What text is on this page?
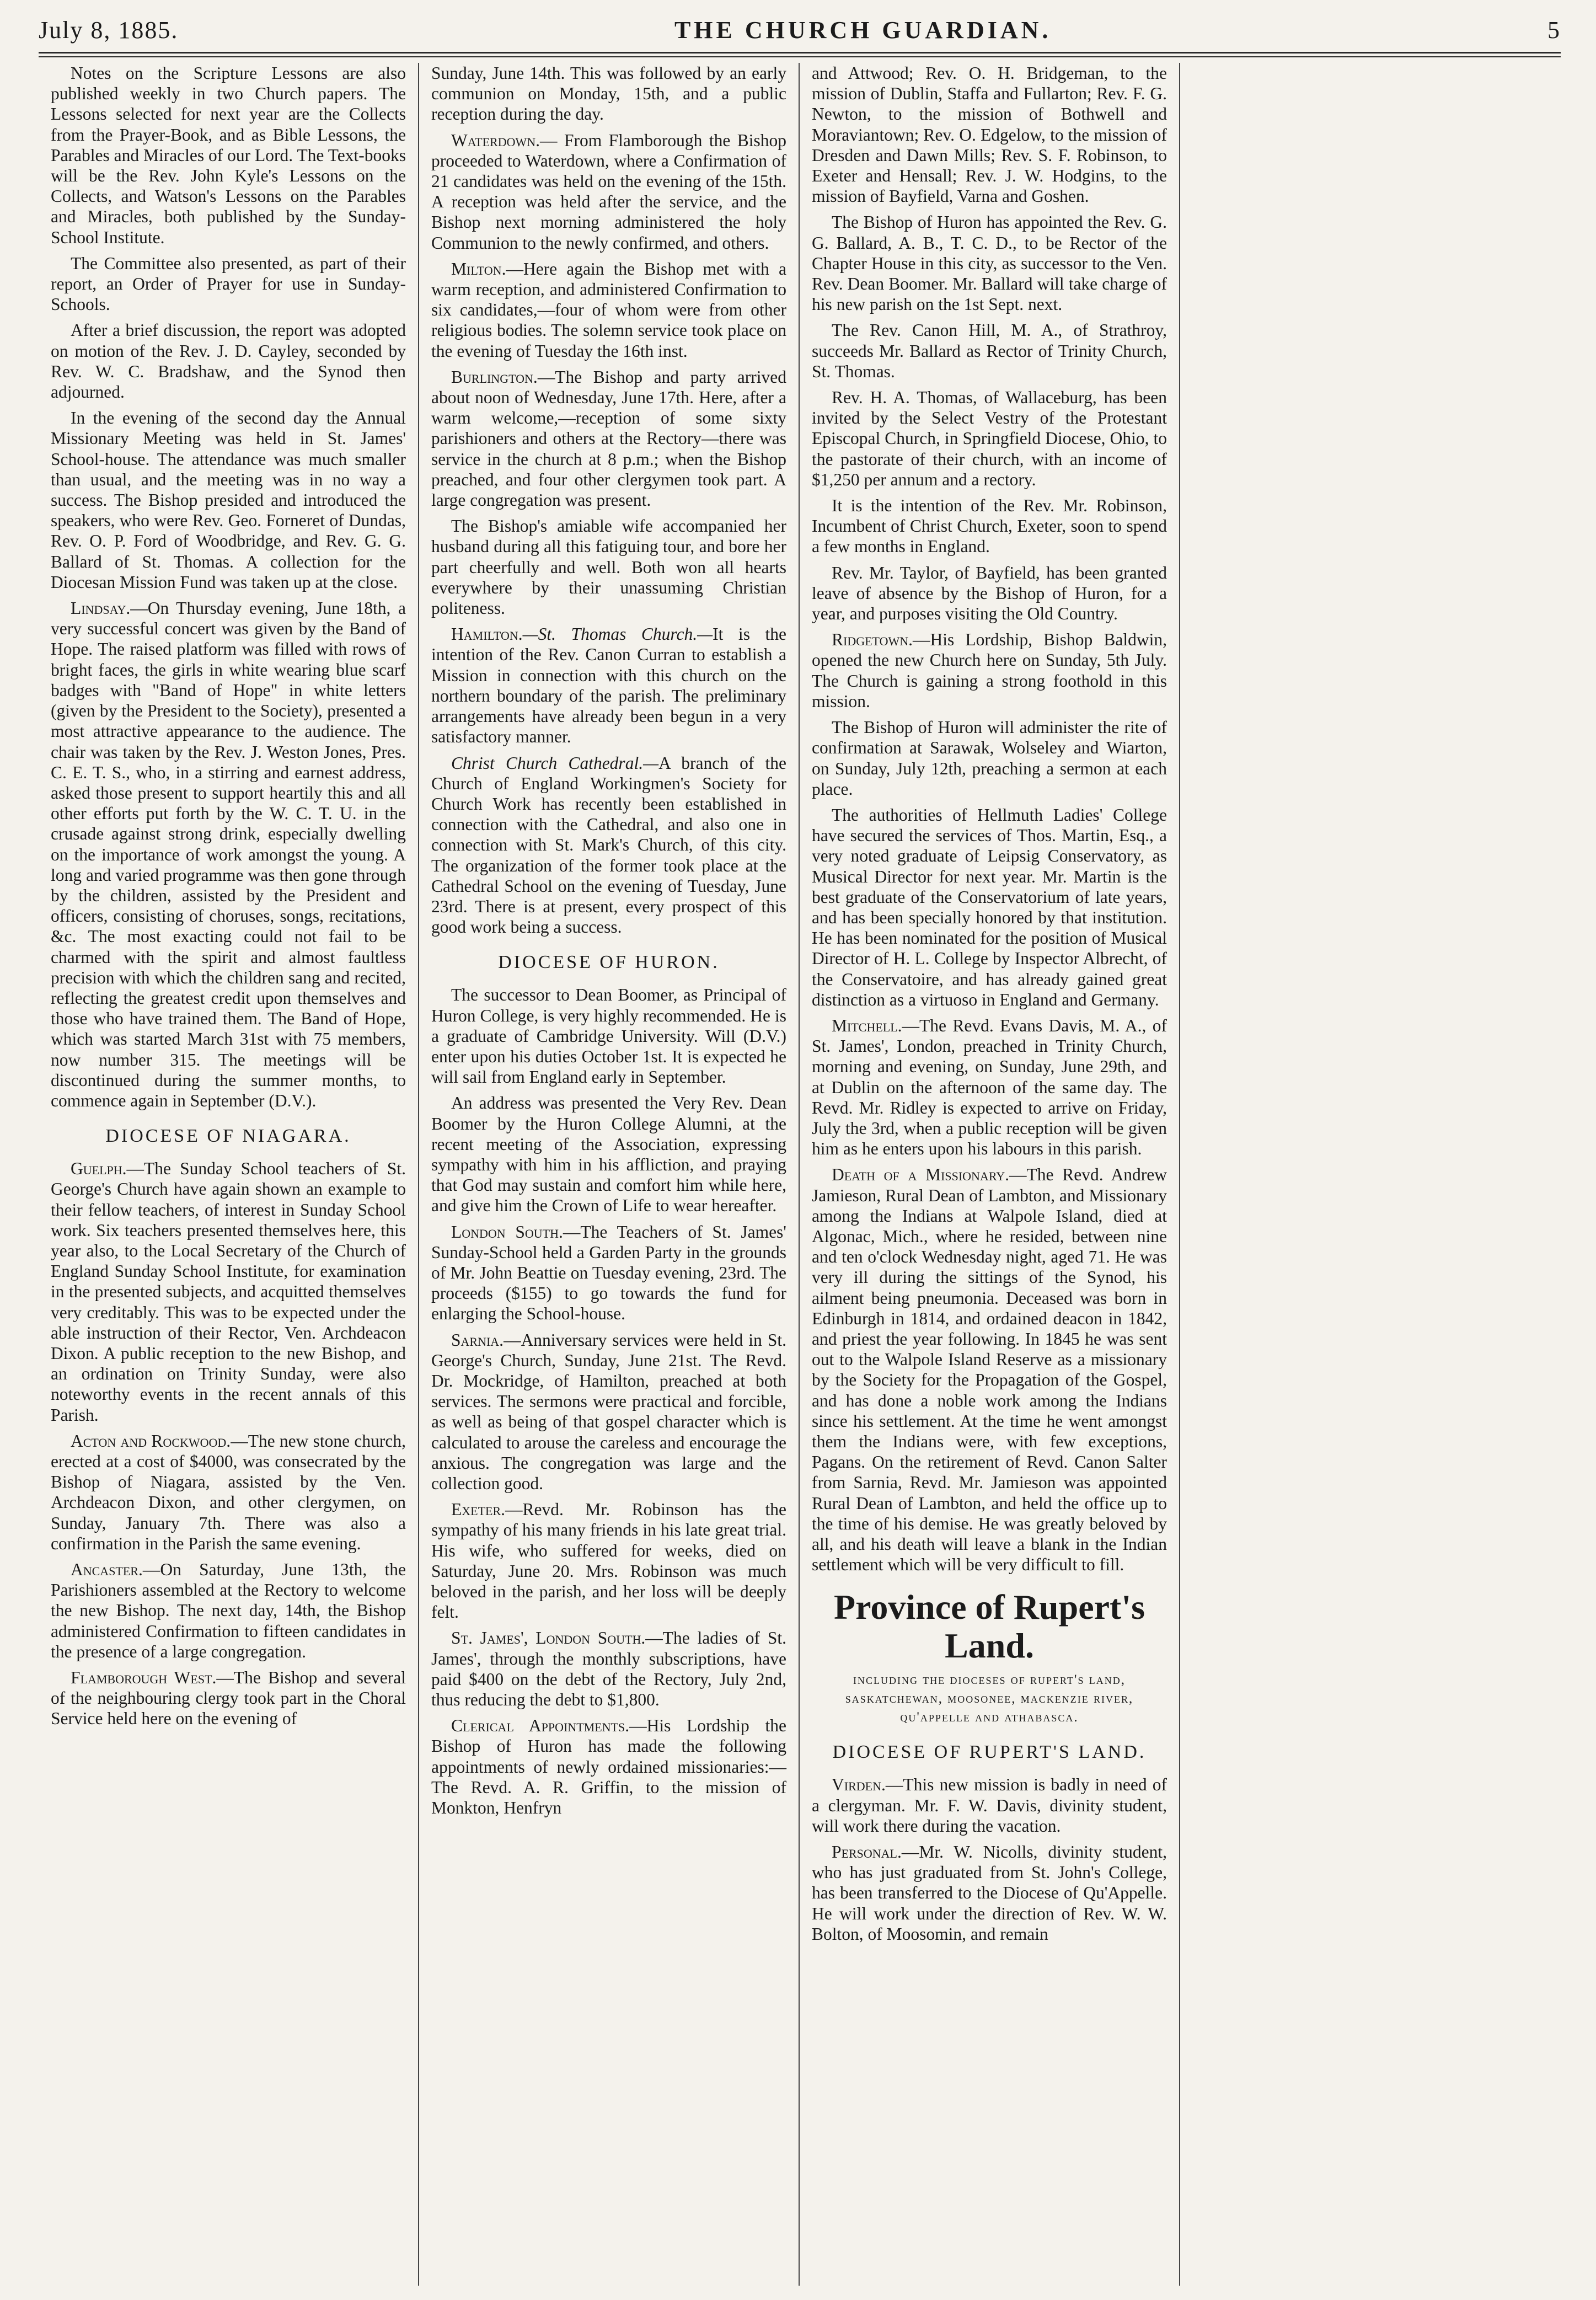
July 8, 1885.	THE CHURCH GUARDIAN.	5

Notes on the Scripture Lessons are also published weekly in two Church papers. The Lessons selected for next year are the Collects from the Prayer-Book, and as Bible Lessons, the Parables and Miracles of our Lord. The Text-books will be the Rev. John Kyle's Lessons on the Collects, and Watson's Lessons on the Parables and Miracles, both published by the Sunday-School Institute.

The Committee also presented, as part of their report, an Order of Prayer for use in Sunday-Schools.

After a brief discussion, the report was adopted on motion of the Rev. J. D. Cayley, seconded by Rev. W. C. Bradshaw, and the Synod then adjourned.

In the evening of the second day the Annual Missionary Meeting was held in St. James' School-house. The attendance was much smaller than usual, and the meeting was in no way a success. The Bishop presided and introduced the speakers, who were Rev. Geo. Forneret of Dundas, Rev. O. P. Ford of Woodbridge, and Rev. G. G. Ballard of St. Thomas. A collection for the Diocesan Mission Fund was taken up at the close.

Lindsay.—On Thursday evening, June 18th, a very successful concert was given by the Band of Hope. The raised platform was filled with rows of bright faces, the girls in white wearing blue scarf badges with "Band of Hope" in white letters (given by the President to the Society), presented a most attractive appearance to the audience. The chair was taken by the Rev. J. Weston Jones, Pres. C. E. T. S., who, in a stirring and earnest address, asked those present to support heartily this and all other efforts put forth by the W. C. T. U. in the crusade against strong drink, especially dwelling on the importance of work amongst the young. A long and varied programme was then gone through by the children, assisted by the President and officers, consisting of choruses, songs, recitations, &c. The most exacting could not fail to be charmed with the spirit and almost faultless precision with which the children sang and recited, reflecting the greatest credit upon themselves and those who have trained them. The Band of Hope, which was started March 31st with 75 members, now number 315. The meetings will be discontinued during the summer months, to commence again in September (D.V.).

DIOCESE OF NIAGARA.

Guelph.—The Sunday School teachers of St. George's Church have again shown an example to their fellow teachers, of interest in Sunday School work. Six teachers presented themselves here, this year also, to the Local Secretary of the Church of England Sunday School Institute, for examination in the presented subjects, and acquitted themselves very creditably. This was to be expected under the able instruction of their Rector, Ven. Archdeacon Dixon. A public reception to the new Bishop, and an ordination on Trinity Sunday, were also noteworthy events in the recent annals of this Parish.

Acton and Rockwood.—The new stone church, erected at a cost of $4000, was consecrated by the Bishop of Niagara, assisted by the Ven. Archdeacon Dixon, and other clergymen, on Sunday, January 7th. There was also a confirmation in the Parish the same evening.

Ancaster.—On Saturday, June 13th, the Parishioners assembled at the Rectory to welcome the new Bishop. The next day, 14th, the Bishop administered Confirmation to fifteen candidates in the presence of a large congregation.

Flamborough West.—The Bishop and several of the neighbouring clergy took part in the Choral Service held here on the evening of

Sunday, June 14th. This was followed by an early communion on Monday, 15th, and a public reception during the day.

Waterdown.— From Flamborough the Bishop proceeded to Waterdown, where a Confirmation of 21 candidates was held on the evening of the 15th. A reception was held after the service, and the Bishop next morning administered the holy Communion to the newly confirmed, and others.

Milton.—Here again the Bishop met with a warm reception, and administered Confirmation to six candidates,—four of whom were from other religious bodies. The solemn service took place on the evening of Tuesday the 16th inst.

Burlington.—The Bishop and party arrived about noon of Wednesday, June 17th. Here, after a warm welcome,—reception of some sixty parishioners and others at the Rectory—there was service in the church at 8 p.m.; when the Bishop preached, and four other clergymen took part. A large congregation was present.

The Bishop's amiable wife accompanied her husband during all this fatiguing tour, and bore her part cheerfully and well. Both won all hearts everywhere by their unassuming Christian politeness.

Hamilton.—St. Thomas Church.—It is the intention of the Rev. Canon Curran to establish a Mission in connection with this church on the northern boundary of the parish. The preliminary arrangements have already been begun in a very satisfactory manner.

Christ Church Cathedral.—A branch of the Church of England Workingmen's Society for Church Work has recently been established in connection with the Cathedral, and also one in connection with St. Mark's Church, of this city. The organization of the former took place at the Cathedral School on the evening of Tuesday, June 23rd. There is at present, every prospect of this good work being a success.

DIOCESE OF HURON.

The successor to Dean Boomer, as Principal of Huron College, is very highly recommended. He is a graduate of Cambridge University. Will (D.V.) enter upon his duties October 1st. It is expected he will sail from England early in September.

An address was presented the Very Rev. Dean Boomer by the Huron College Alumni, at the recent meeting of the Association, expressing sympathy with him in his affliction, and praying that God may sustain and comfort him while here, and give him the Crown of Life to wear hereafter.

London South.—The Teachers of St. James' Sunday-School held a Garden Party in the grounds of Mr. John Beattie on Tuesday evening, 23rd. The proceeds ($155) to go towards the fund for enlarging the School-house.

Sarnia.—Anniversary services were held in St. George's Church, Sunday, June 21st. The Revd. Dr. Mockridge, of Hamilton, preached at both services. The sermons were practical and forcible, as well as being of that gospel character which is calculated to arouse the careless and encourage the anxious. The congregation was large and the collection good.

Exeter.—Revd. Mr. Robinson has the sympathy of his many friends in his late great trial. His wife, who suffered for weeks, died on Saturday, June 20. Mrs. Robinson was much beloved in the parish, and her loss will be deeply felt.

St. James', London South.—The ladies of St. James', through the monthly subscriptions, have paid $400 on the debt of the Rectory, July 2nd, thus reducing the debt to $1,800.

Clerical Appointments.—His Lordship the Bishop of Huron has made the following appointments of newly ordained missionaries:—The Revd. A. R. Griffin, to the mission of Monkton, Henfryn

and Attwood; Rev. O. H. Bridgeman, to the mission of Dublin, Staffa and Fullarton; Rev. F. G. Newton, to the mission of Bothwell and Moraviantown; Rev. O. Edgelow, to the mission of Dresden and Dawn Mills; Rev. S. F. Robinson, to Exeter and Hensall; Rev. J. W. Hodgins, to the mission of Bayfield, Varna and Goshen.

The Bishop of Huron has appointed the Rev. G. G. Ballard, A. B., T. C. D., to be Rector of the Chapter House in this city, as successor to the Ven. Rev. Dean Boomer. Mr. Ballard will take charge of his new parish on the 1st Sept. next.

The Rev. Canon Hill, M. A., of Strathroy, succeeds Mr. Ballard as Rector of Trinity Church, St. Thomas.

Rev. H. A. Thomas, of Wallaceburg, has been invited by the Select Vestry of the Protestant Episcopal Church, in Springfield Diocese, Ohio, to the pastorate of their church, with an income of $1,250 per annum and a rectory.

It is the intention of the Rev. Mr. Robinson, Incumbent of Christ Church, Exeter, soon to spend a few months in England.

Rev. Mr. Taylor, of Bayfield, has been granted leave of absence by the Bishop of Huron, for a year, and purposes visiting the Old Country.

Ridgetown.—His Lordship, Bishop Baldwin, opened the new Church here on Sunday, 5th July. The Church is gaining a strong foothold in this mission.

The Bishop of Huron will administer the rite of confirmation at Sarawak, Wolseley and Wiarton, on Sunday, July 12th, preaching a sermon at each place.

The authorities of Hellmuth Ladies' College have secured the services of Thos. Martin, Esq., a very noted graduate of Leipsig Conservatory, as Musical Director for next year. Mr. Martin is the best graduate of the Conservatorium of late years, and has been specially honored by that institution. He has been nominated for the position of Musical Director of H. L. College by Inspector Albrecht, of the Conservatoire, and has already gained great distinction as a virtuoso in England and Germany.

Mitchell.—The Revd. Evans Davis, M. A., of St. James', London, preached in Trinity Church, morning and evening, on Sunday, June 29th, and at Dublin on the afternoon of the same day. The Revd. Mr. Ridley is expected to arrive on Friday, July the 3rd, when a public reception will be given him as he enters upon his labours in this parish.

Death of a Missionary.—The Revd. Andrew Jamieson, Rural Dean of Lambton, and Missionary among the Indians at Walpole Island, died at Algonac, Mich., where he resided, between nine and ten o'clock Wednesday night, aged 71. He was very ill during the sittings of the Synod, his ailment being pneumonia. Deceased was born in Edinburgh in 1814, and ordained deacon in 1842, and priest the year following. In 1845 he was sent out to the Walpole Island Reserve as a missionary by the Society for the Propagation of the Gospel, and has done a noble work among the Indians since his settlement. At the time he went amongst them the Indians were, with few exceptions, Pagans. On the retirement of Revd. Canon Salter from Sarnia, Revd. Mr. Jamieson was appointed Rural Dean of Lambton, and held the office up to the time of his demise. He was greatly beloved by all, and his death will leave a blank in the Indian settlement which will be very difficult to fill.

Province of Rupert's Land.
including the dioceses of rupert's land, saskatchewan, moosonee, mackenzie river, qu'appelle and athabasca.
DIOCESE OF RUPERT'S LAND.

Virden.—This new mission is badly in need of a clergyman. Mr. F. W. Davis, divinity student, will work there during the vacation.

Personal.—Mr. W. Nicolls, divinity student, who has just graduated from St. John's College, has been transferred to the Diocese of Qu'Appelle. He will work under the direction of Rev. W. W. Bolton, of Moosomin, and remain
